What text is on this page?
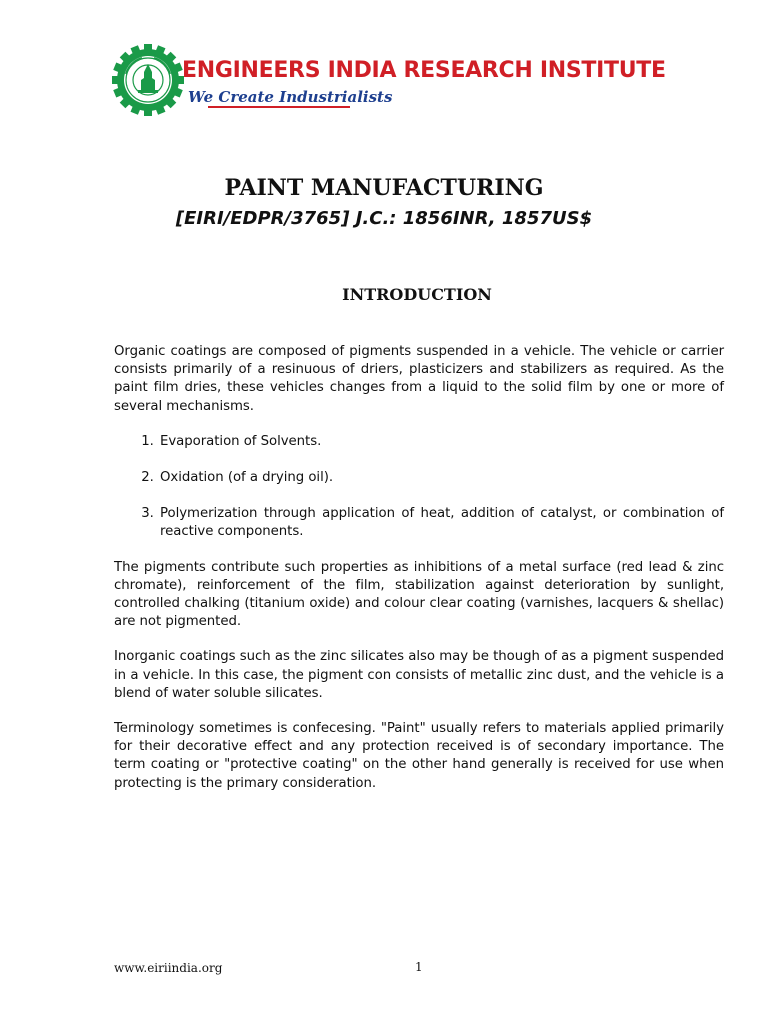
ENGINEERS INDIA RESEARCH INSTITUTE
We Create Industrialists
PAINT MANUFACTURING
[EIRI/EDPR/3765] J.C.: 1856INR, 1857US$
INTRODUCTION

Organic coatings are composed of pigments suspended in a vehicle. The vehicle or carrier consists primarily of a resinuous of driers, plasticizers and stabilizers as required. As the paint film dries, these vehicles changes from a liquid to the solid film by one or more of several mechanisms.

1. Evaporation of Solvents.
2. Oxidation (of a drying oil).
3. Polymerization through application of heat, addition of catalyst, or combination of reactive components.

The pigments contribute such properties as inhibitions of a metal surface (red lead & zinc chromate), reinforcement of the film, stabilization against deterioration by sunlight, controlled chalking (titanium oxide) and colour clear coating (varnishes, lacquers & shellac) are not pigmented.

Inorganic coatings such as the zinc silicates also may be though of as a pigment suspended in a vehicle. In this case, the pigment con consists of metallic zinc dust, and the vehicle is a blend of water soluble silicates.

Terminology sometimes is confecesing. "Paint" usually refers to materials applied primarily for their decorative effect and any protection received is of secondary importance. The term coating or "protective coating" on the other hand generally is received for use when protecting is the primary consideration.

www.eiriindia.org	1
